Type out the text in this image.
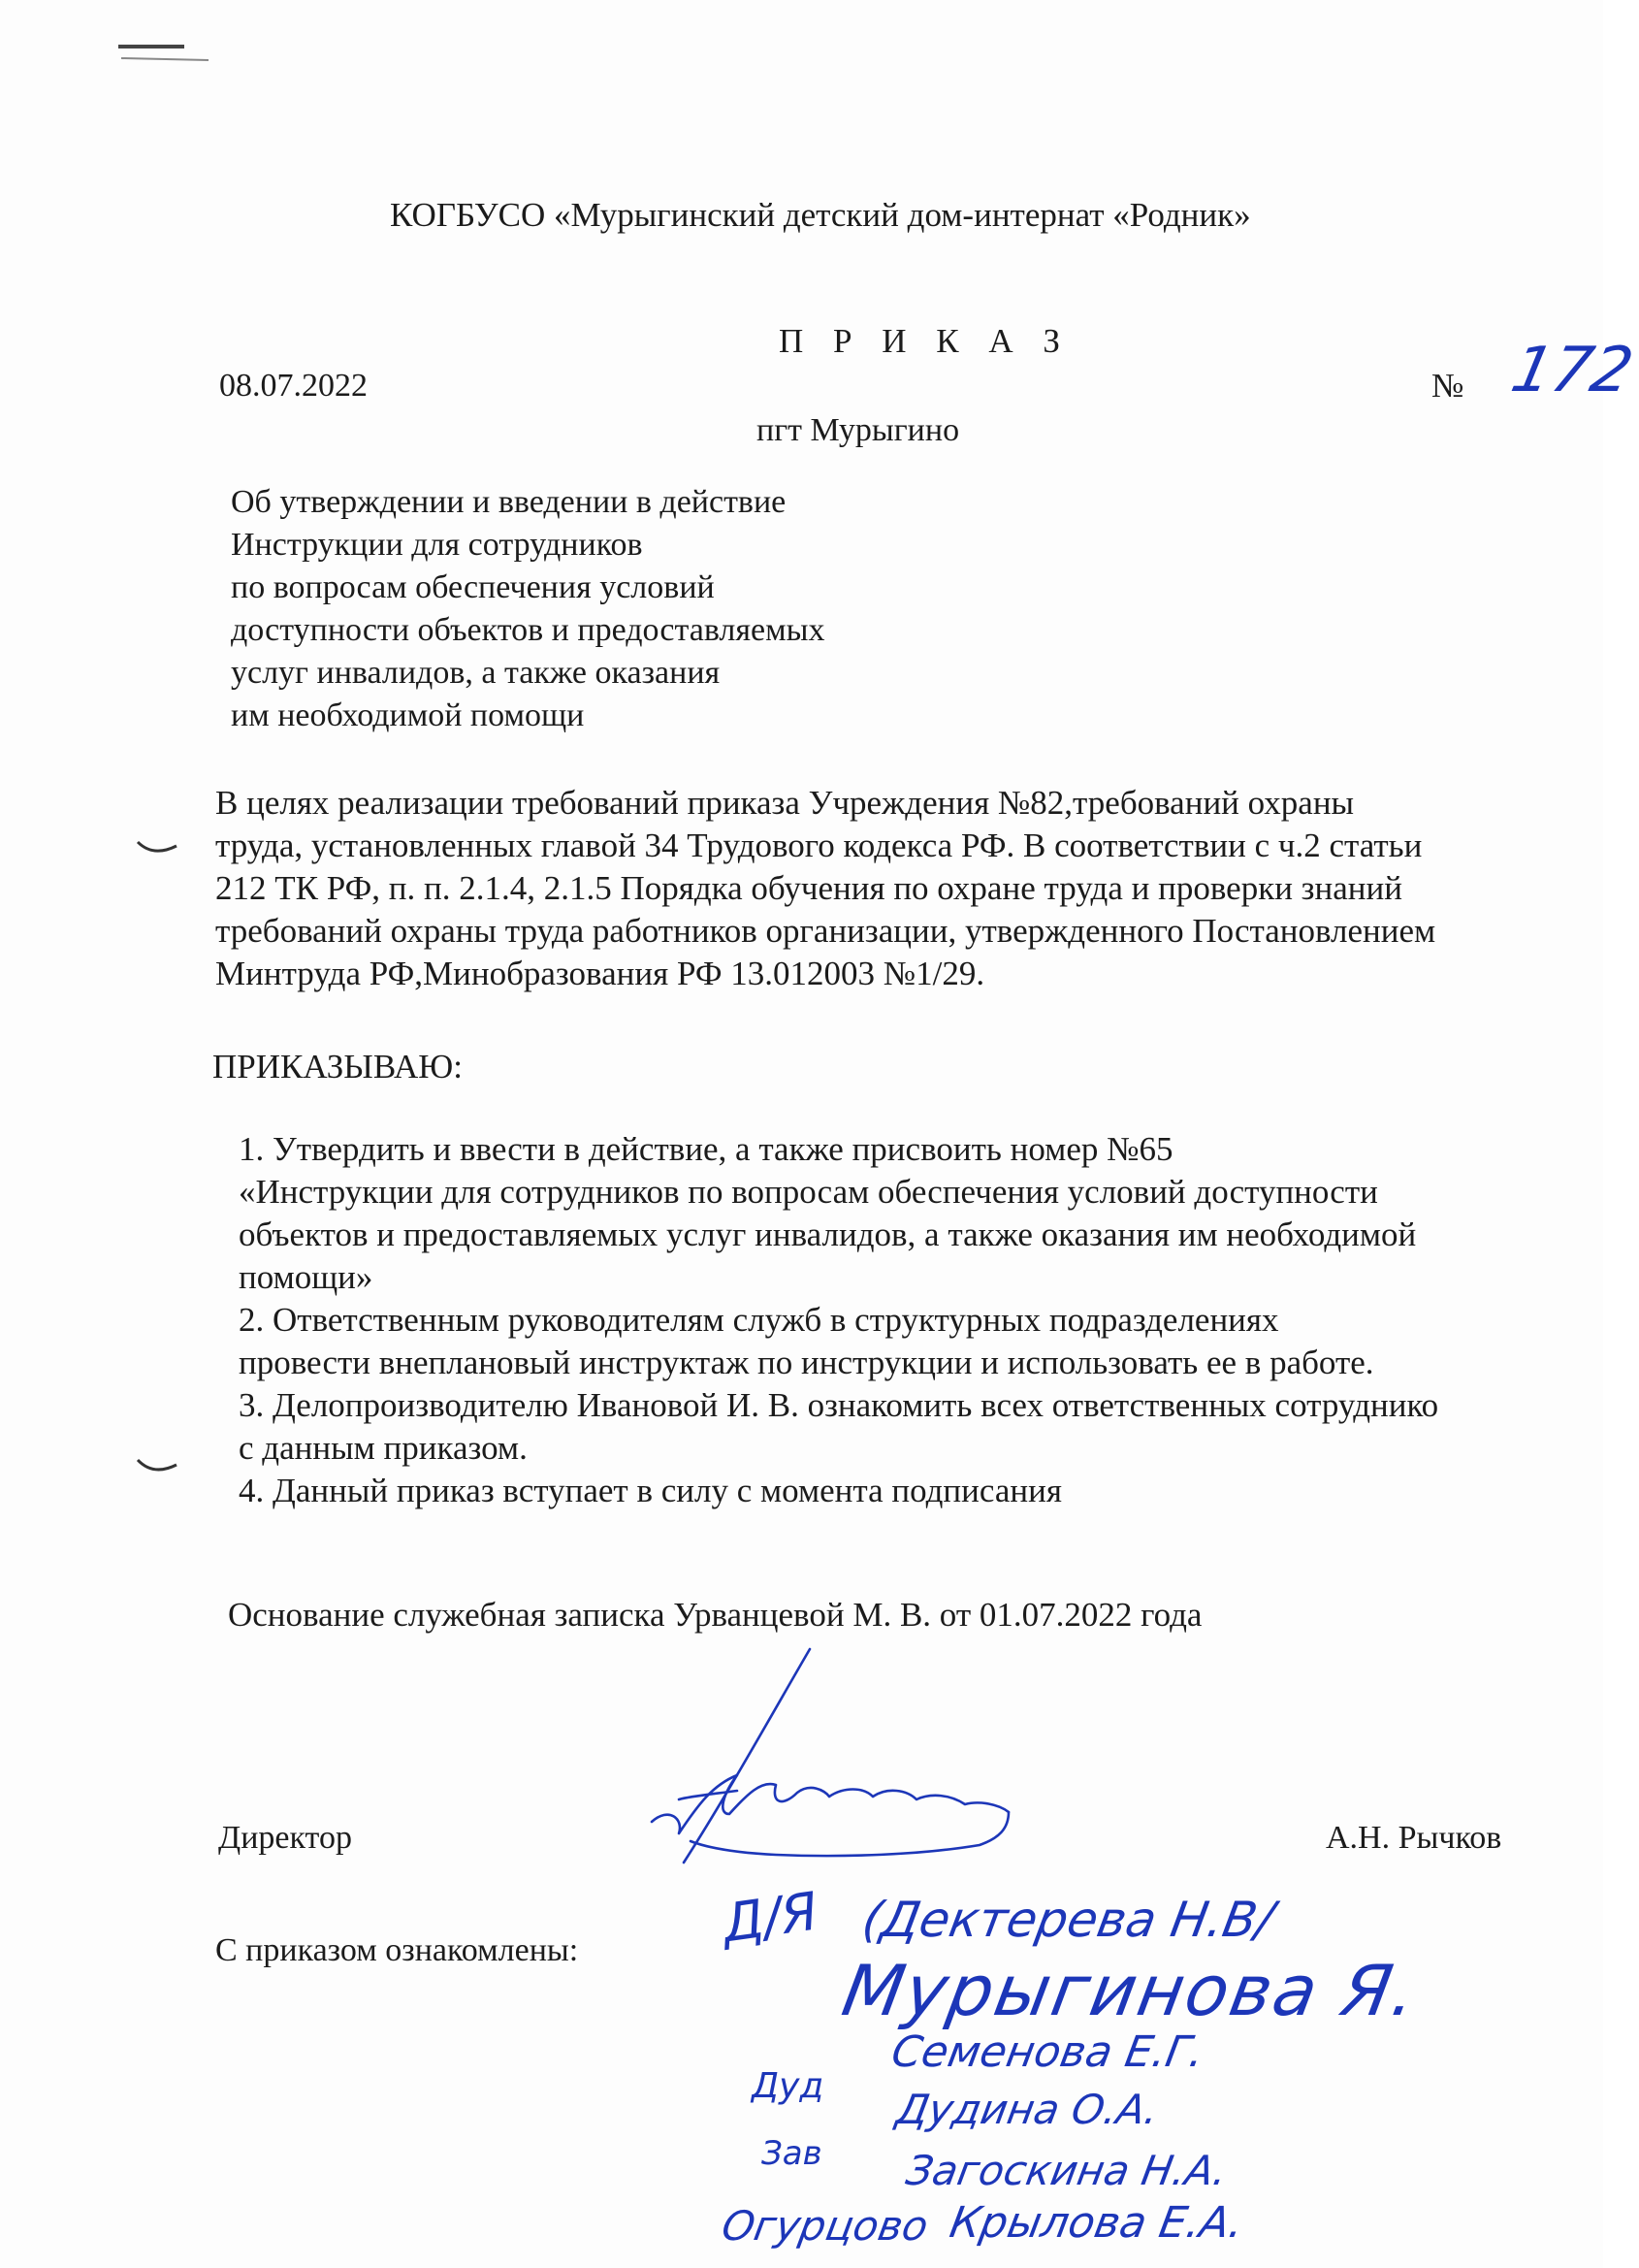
КОГБУСО «Мурыгинский детский дом-интернат «Родник»
П Р И К А З
08.07.2022	№ 172
пгт Мурыгино
Об утверждении и введении в действие
Инструкции для сотрудников
по вопросам обеспечения условий
доступности объектов и предоставляемых
услуг инвалидов, а также оказания
им необходимой помощи
В целях реализации требований приказа Учреждения №82,требований охраны
труда, установленных главой 34 Трудового кодекса РФ. В соответствии с ч.2 статьи
212 ТК РФ, п. п. 2.1.4, 2.1.5 Порядка обучения по охране труда и проверки знаний
требований охраны труда работников организации, утвержденного Постановлением
Минтруда РФ,Минобразования РФ 13.012003 №1/29.
ПРИКАЗЫВАЮ:
1. Утвердить и ввести в действие, а также присвоить номер №65
«Инструкции для сотрудников по вопросам обеспечения условий доступности
объектов и предоставляемых услуг инвалидов, а также оказания им необходимой
помощи»
2. Ответственным руководителям служб в структурных подразделениях
провести внеплановый инструктаж по инструкции и использовать ее в работе.
3. Делопроизводителю Ивановой И. В. ознакомить всех ответственных сотруднико
с данным приказом.
4. Данный приказ вступает в силу с момента подписания
Основание служебная записка Урванцевой М. В. от 01.07.2022 года
Директор	А.Н. Рычков
С приказом ознакомлены:
(Дектерева Н.В/
Мурыгинова Я.
Семенова Е.Г.
Дудина О.А.
Загоскина Н.А.
Огурцово Крылова Е.А.
Д/Я
Дуд
Зав
